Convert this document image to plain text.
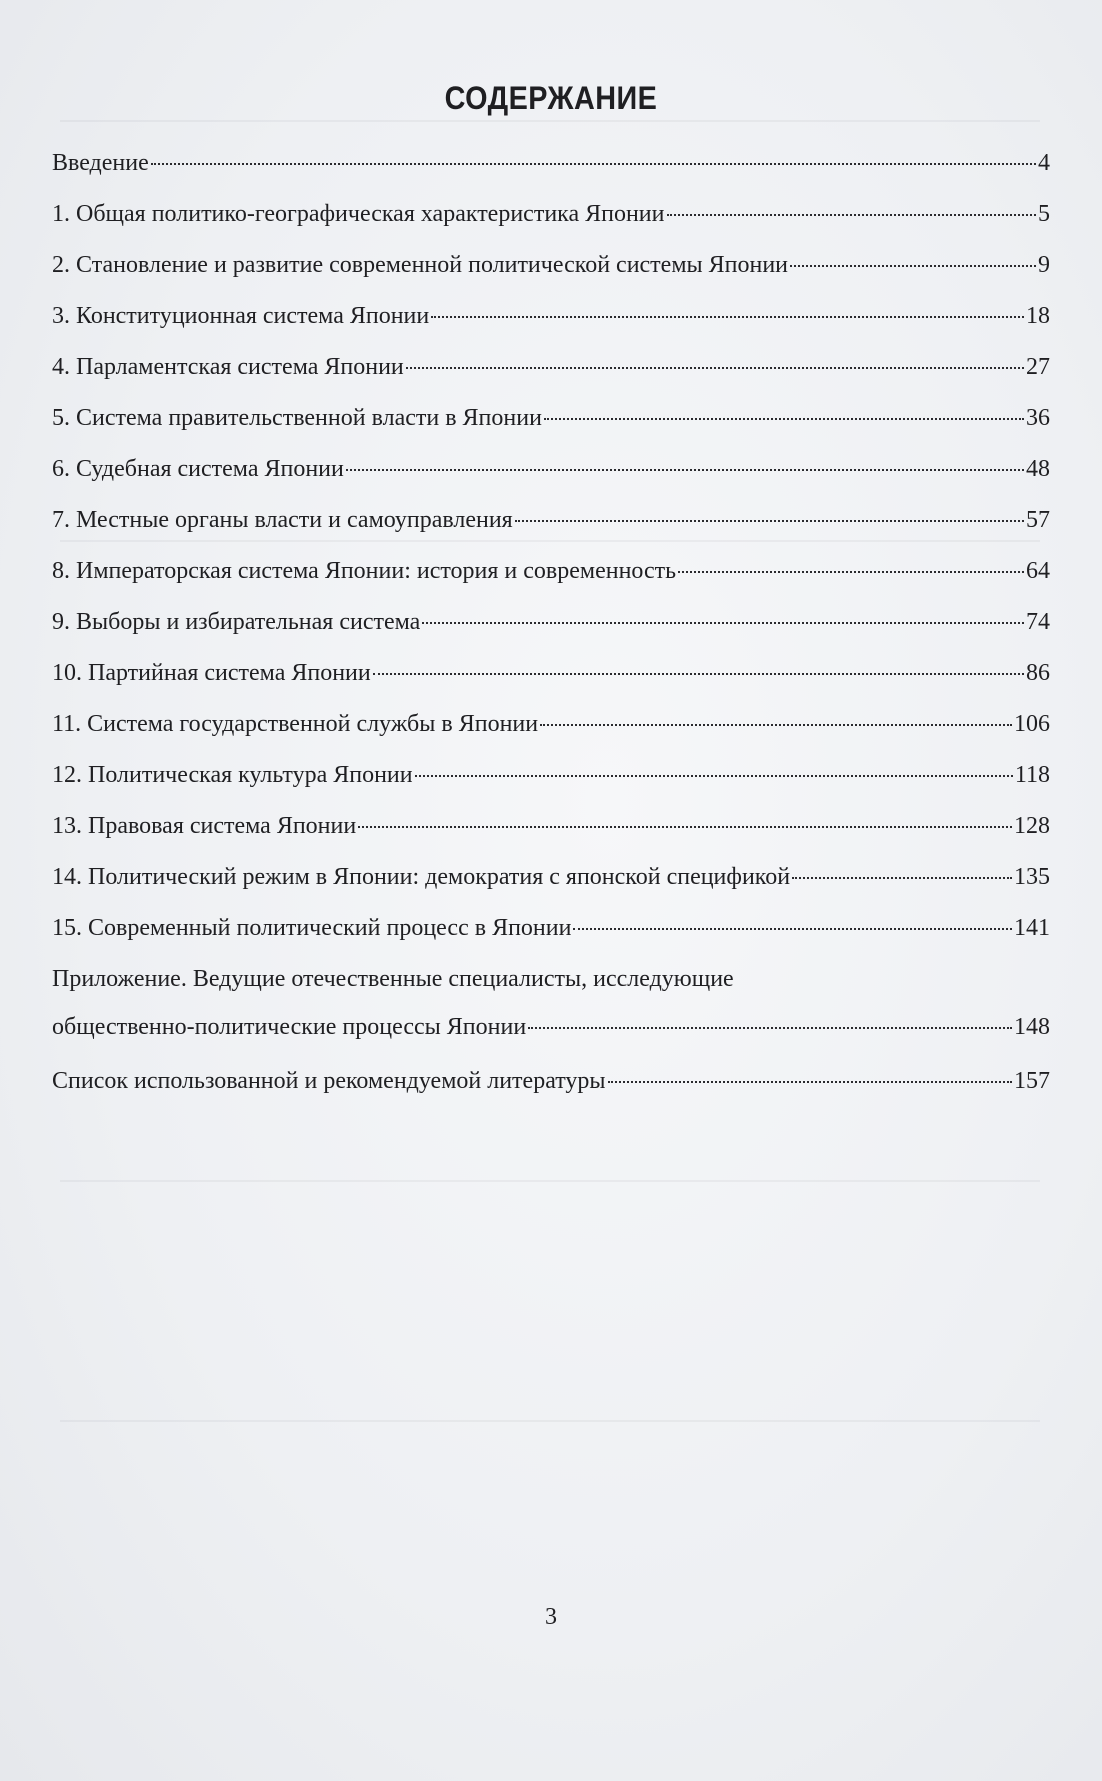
СОДЕРЖАНИЕ
Введение	4
1. Общая политико-географическая характеристика Японии	5
2. Становление и развитие современной политической системы Японии	9
3. Конституционная система Японии	18
4. Парламентская система Японии	27
5. Система правительственной власти в Японии	36
6. Судебная система Японии	48
7. Местные органы власти и самоуправления	57
8. Императорская система Японии: история и современность	64
9. Выборы и избирательная система	74
10. Партийная система Японии	86
11. Система государственной службы в Японии	106
12. Политическая культура Японии	118
13. Правовая система Японии	128
14. Политический режим в Японии: демократия с японской спецификой	135
15. Современный политический процесс в Японии	141
Приложение. Ведущие отечественные специалисты, исследующие
общественно-политические процессы Японии	148
Список использованной и рекомендуемой литературы	157
3
